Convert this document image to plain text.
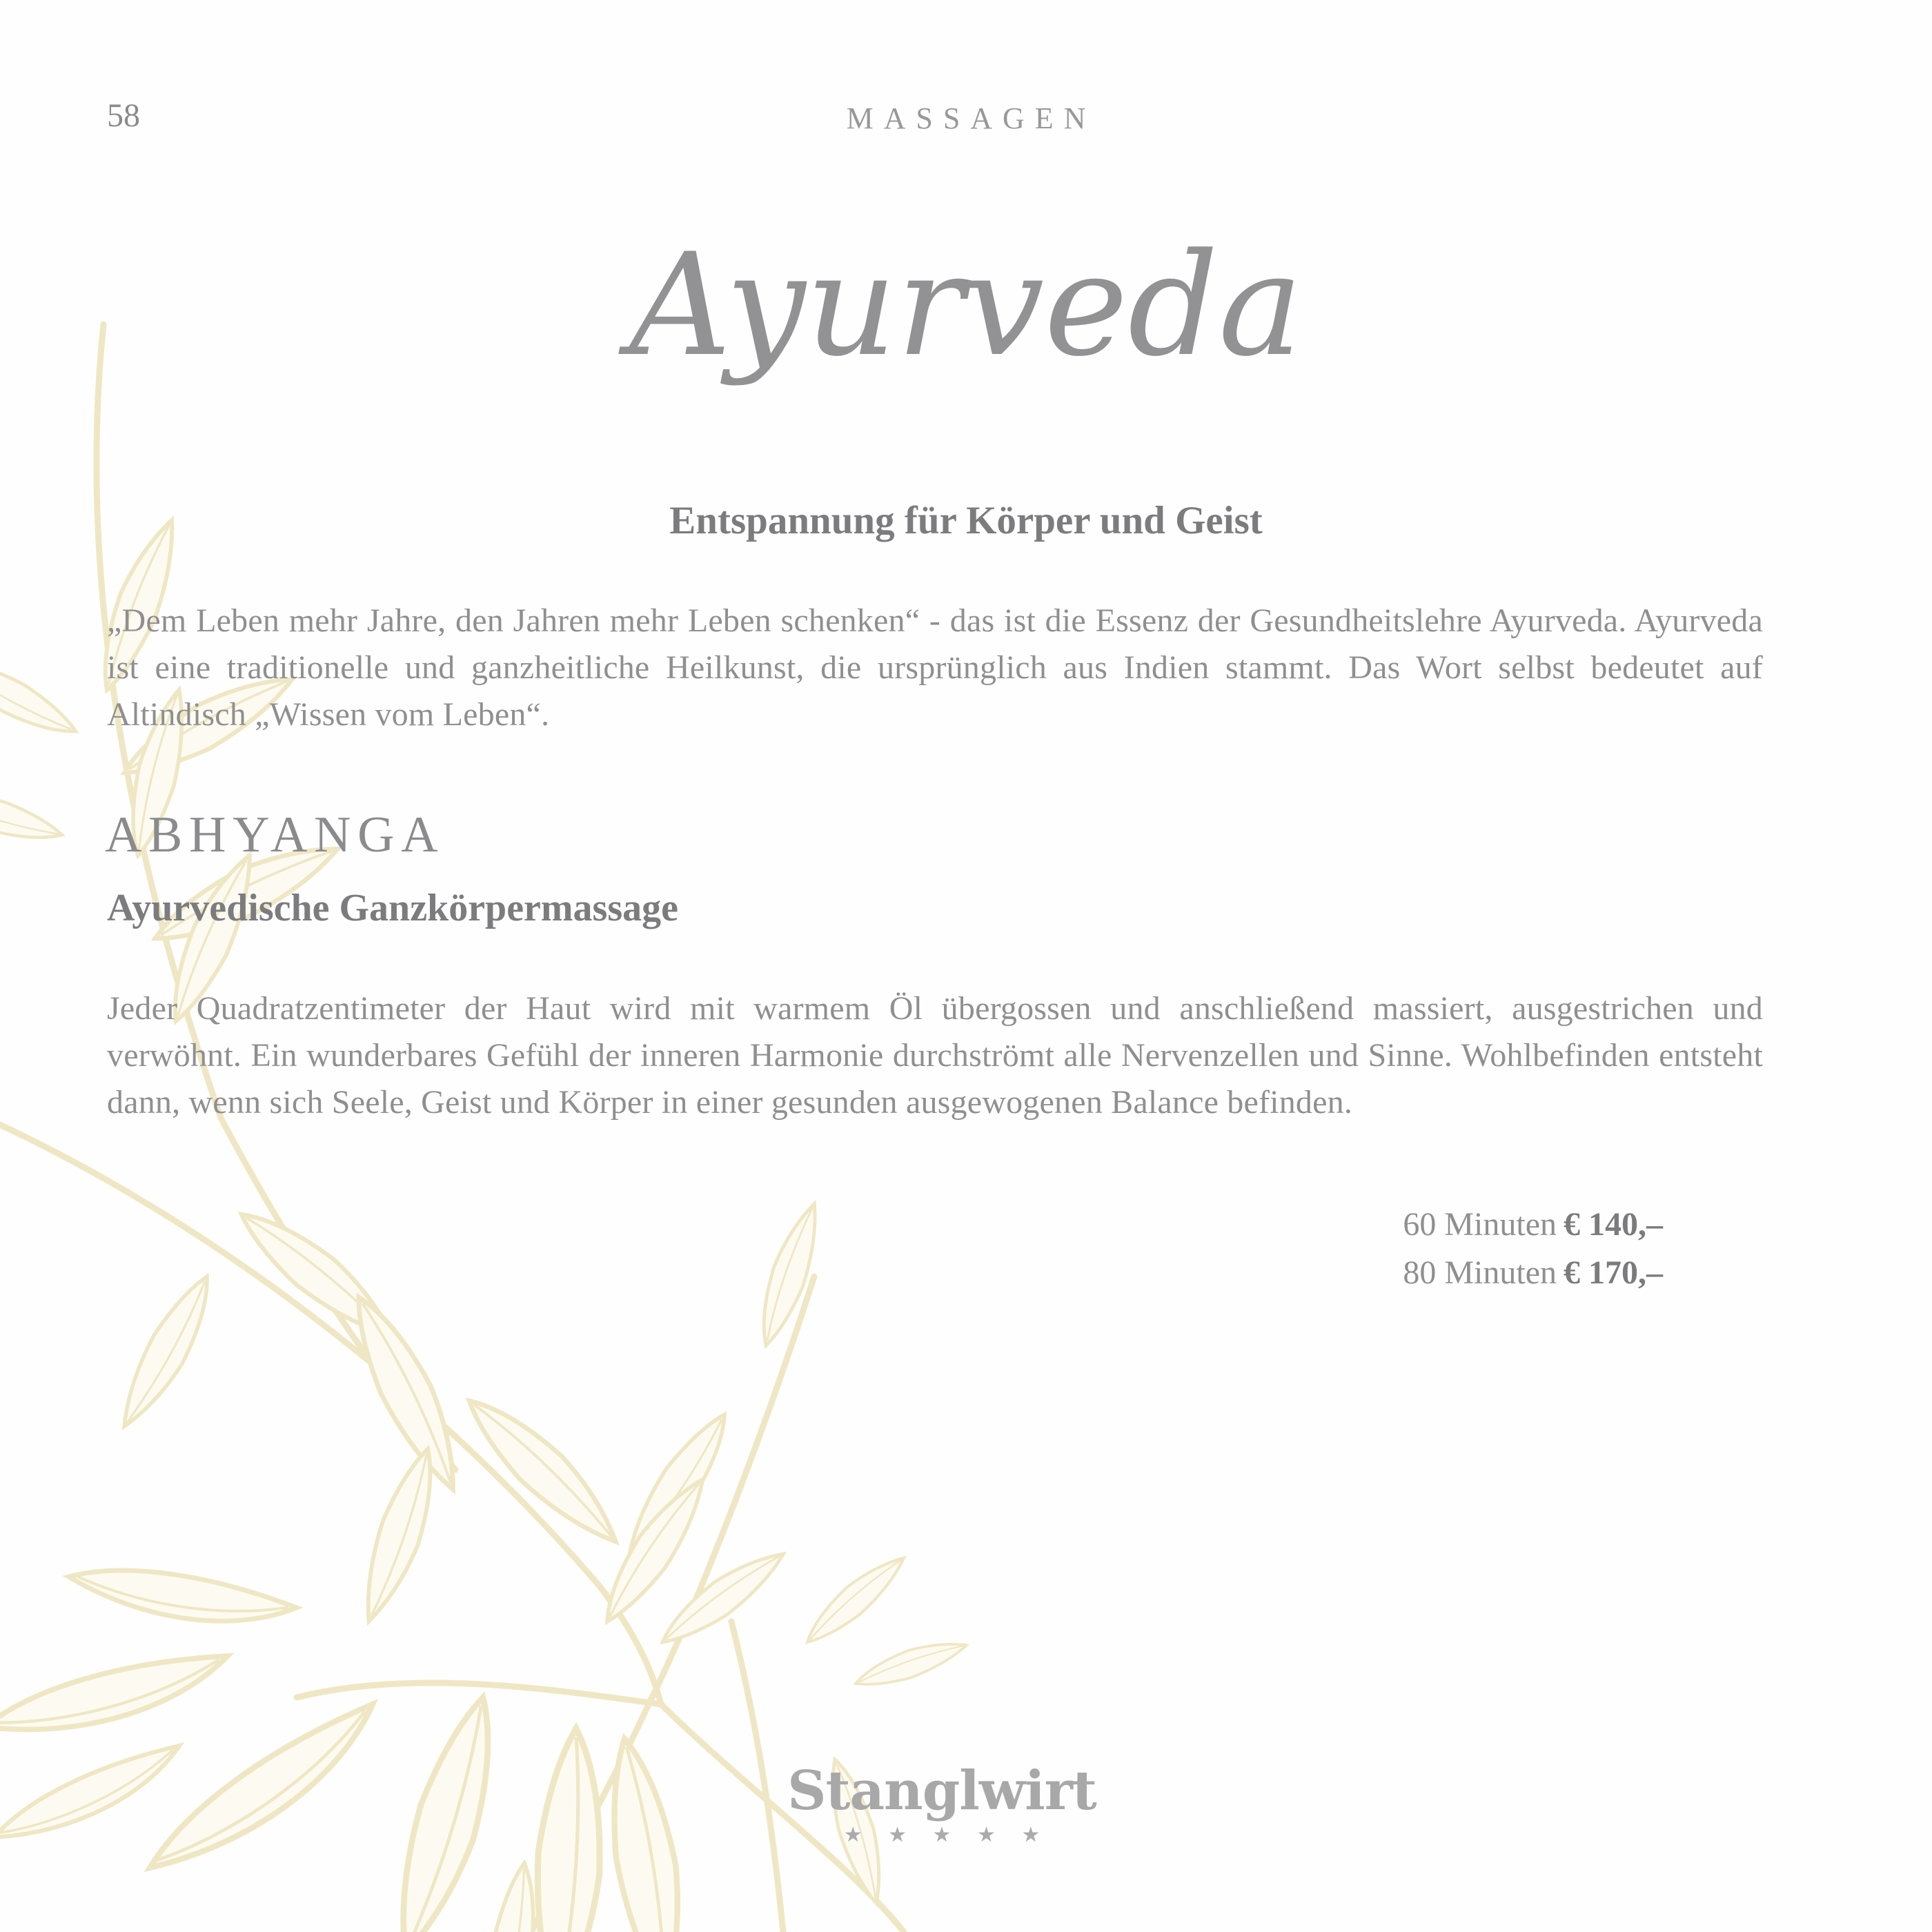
58	MASSAGEN
Ayurveda
Entspannung für Körper und Geist

„Dem Leben mehr Jahre, den Jahren mehr Leben schenken“ - das ist die Essenz der Gesundheitslehre Ayurveda. Ayurveda ist eine traditionelle und ganzheitliche Heilkunst, die ursprünglich aus Indien stammt. Das Wort selbst bedeutet auf Altindisch „Wissen vom Leben“.

ABHYANGA
Ayurvedische Ganzkörpermassage

Jeder Quadratzentimeter der Haut wird mit warmem Öl übergossen und anschließend massiert, ausgestrichen und verwöhnt. Ein wunderbares Gefühl der inneren Harmonie durchströmt alle Nervenzellen und Sinne. Wohlbefinden entsteht dann, wenn sich Seele, Geist und Körper in einer gesunden ausgewogenen Balance befinden.

60 Minuten € 140,–
80 Minuten € 170,–
Stanglwirt
★ ★ ★ ★ ★
